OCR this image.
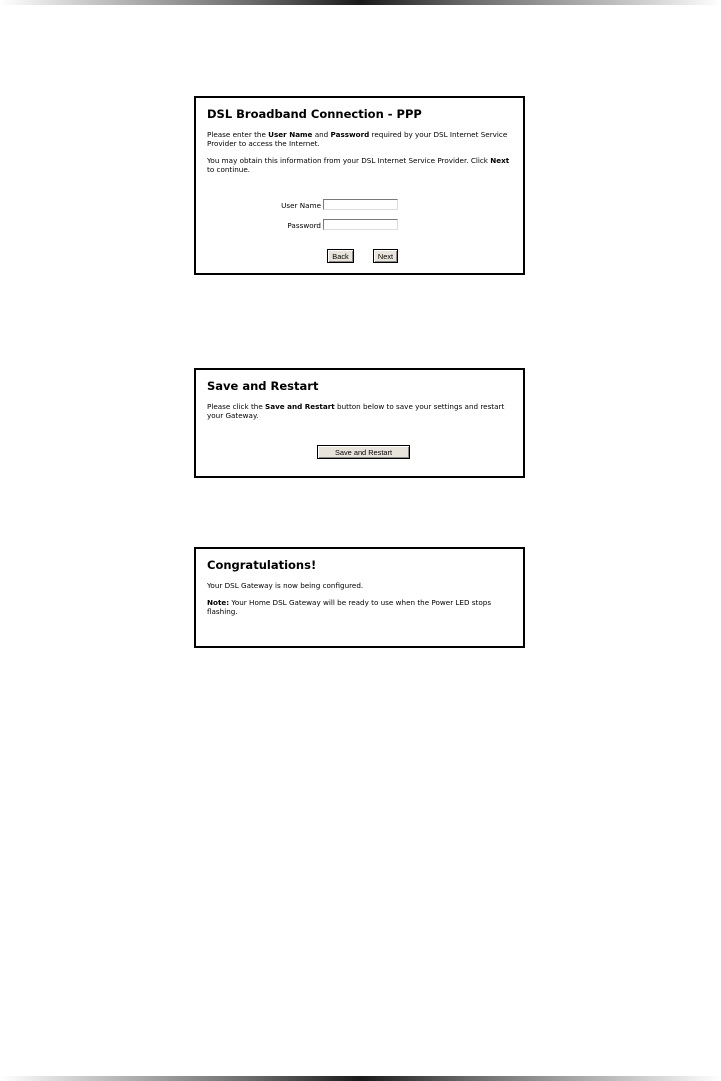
DSL Broadband Connection - PPP

Please enter the User Name and Password required by your DSL Internet Service Provider to access the Internet.

You may obtain this information from your DSL Internet Service Provider. Click Next to continue.

User Name
Password
Back	Next
Save and Restart

Please click the Save and Restart button below to save your settings and restart your Gateway.

Save and Restart
Congratulations!

Your DSL Gateway is now being configured.

Note: Your Home DSL Gateway will be ready to use when the Power LED stops flashing.
